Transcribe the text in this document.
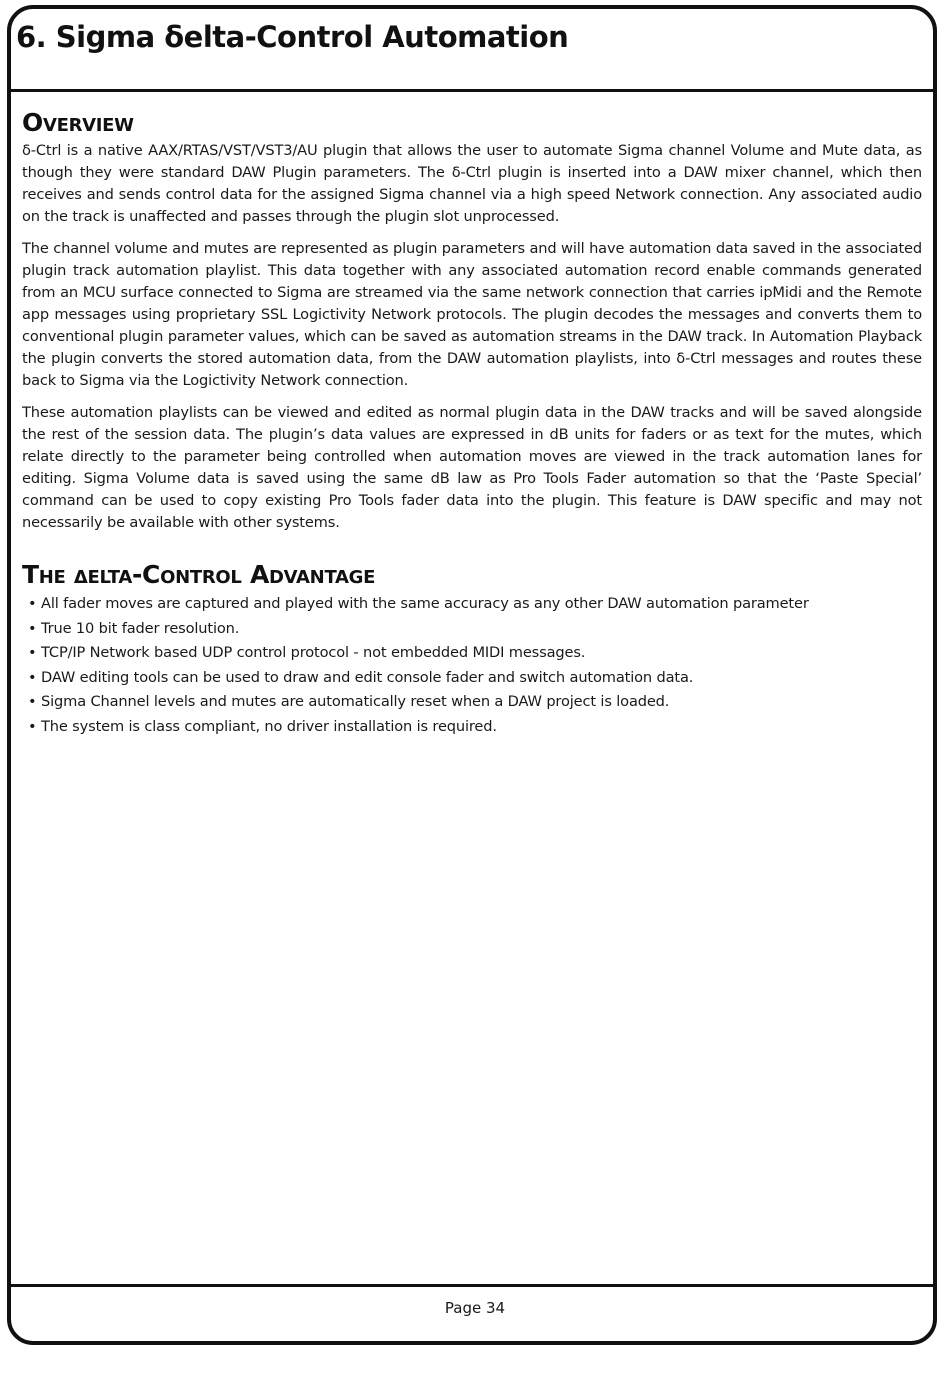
6. Sigma δelta-Control Automation
Overview

δ-Ctrl is a native AAX/RTAS/VST/VST3/AU plugin that allows the user to automate Sigma channel Volume and Mute data, as though they were standard DAW Plugin parameters. The δ-Ctrl plugin is inserted into a DAW mixer channel, which then receives and sends control data for the assigned Sigma channel via a high speed Network connection. Any associated audio on the track is unaffected and passes through the plugin slot unprocessed.

The channel volume and mutes are represented as plugin parameters and will have automation data saved in the associated plugin track automation playlist. This data together with any associated automation record enable commands generated from an MCU surface connected to Sigma are streamed via the same network connection that carries ipMidi and the Remote app messages using proprietary SSL Logictivity Network protocols. The plugin decodes the messages and converts them to conventional plugin parameter values, which can be saved as automation streams in the DAW track. In Automation Playback the plugin converts the stored automation data, from the DAW automation playlists, into δ-Ctrl messages and routes these back to Sigma via the Logictivity Network connection.

These automation playlists can be viewed and edited as normal plugin data in the DAW tracks and will be saved alongside the rest of the session data. The plugin’s data values are expressed in dB units for faders or as text for the mutes, which relate directly to the parameter being controlled when automation moves are viewed in the track automation lanes for editing. Sigma Volume data is saved using the same dB law as Pro Tools Fader automation so that the ‘Paste Special’ command can be used to copy existing Pro Tools fader data into the plugin. This feature is DAW specific and may not necessarily be available with other systems.

The δelta-Control Advantage
• All fader moves are captured and played with the same accuracy as any other DAW automation parameter
• True 10 bit fader resolution.
• TCP/IP Network based UDP control protocol - not embedded MIDI messages.
• DAW editing tools can be used to draw and edit console fader and switch automation data.
• Sigma Channel levels and mutes are automatically reset when a DAW project is loaded.
• The system is class compliant, no driver installation is required.
Page 34
